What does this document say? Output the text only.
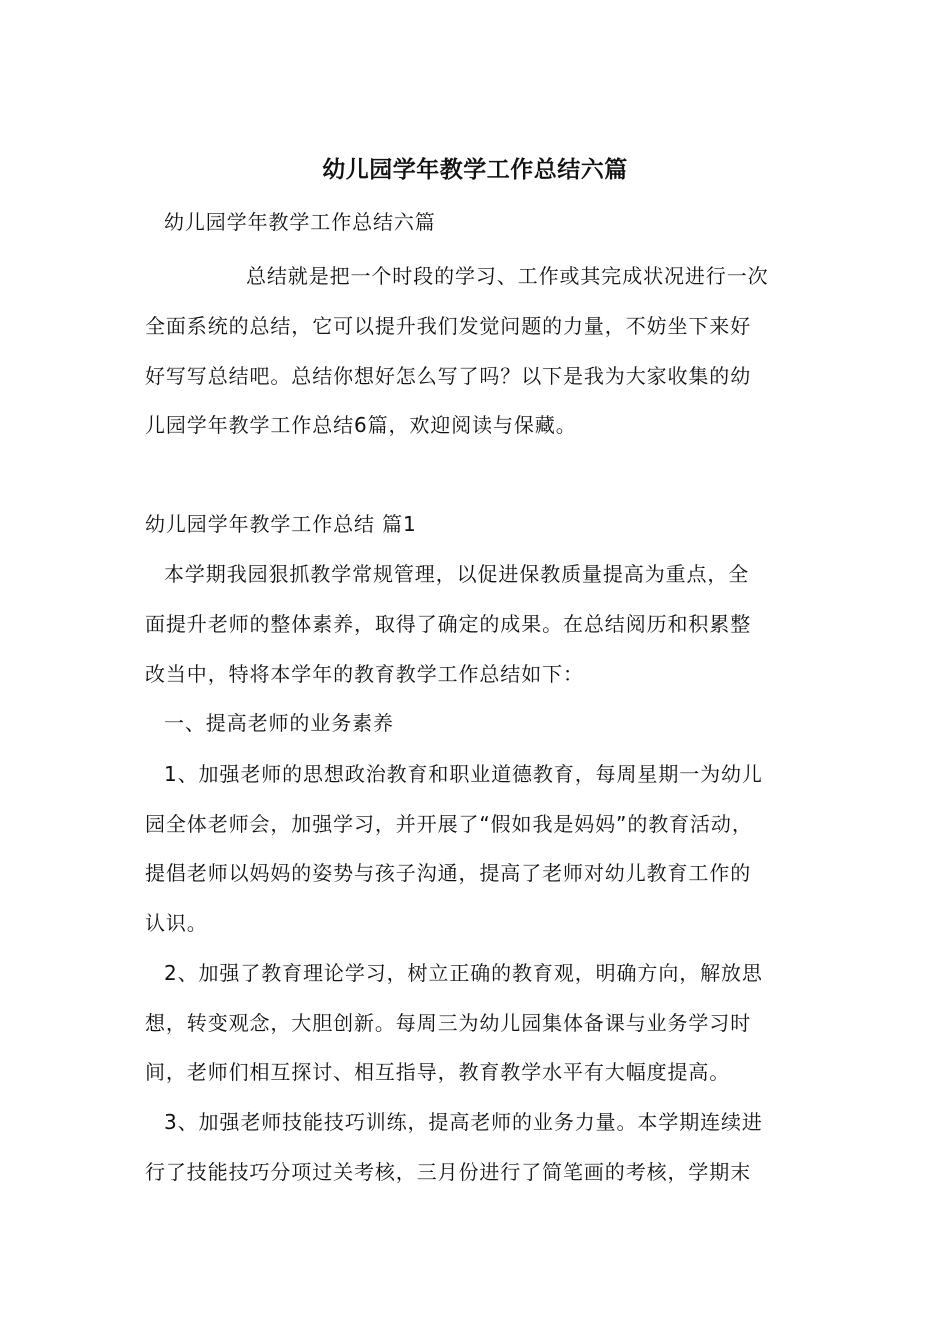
幼儿园学年教学工作总结六篇
幼儿园学年教学工作总结六篇
总结就是把一个时段的学习、工作或其完成状况进行一次
全面系统的总结，它可以提升我们发觉问题的力量，不妨坐下来好
好写写总结吧。总结你想好怎么写了吗？以下是我为大家收集的幼
儿园学年教学工作总结6篇，欢迎阅读与保藏。
幼儿园学年教学工作总结 篇1
本学期我园狠抓教学常规管理，以促进保教质量提高为重点，全
面提升老师的整体素养，取得了确定的成果。在总结阅历和积累整
改当中，特将本学年的教育教学工作总结如下：
一、提高老师的业务素养
1、加强老师的思想政治教育和职业道德教育，每周星期一为幼儿
园全体老师会，加强学习，并开展了“假如我是妈妈”的教育活动，
提倡老师以妈妈的姿势与孩子沟通，提高了老师对幼儿教育工作的
认识。
2、加强了教育理论学习，树立正确的教育观，明确方向，解放思
想，转变观念，大胆创新。每周三为幼儿园集体备课与业务学习时
间，老师们相互探讨、相互指导，教育教学水平有大幅度提高。
3、加强老师技能技巧训练，提高老师的业务力量。本学期连续进
行了技能技巧分项过关考核，三月份进行了简笔画的考核，学期末
